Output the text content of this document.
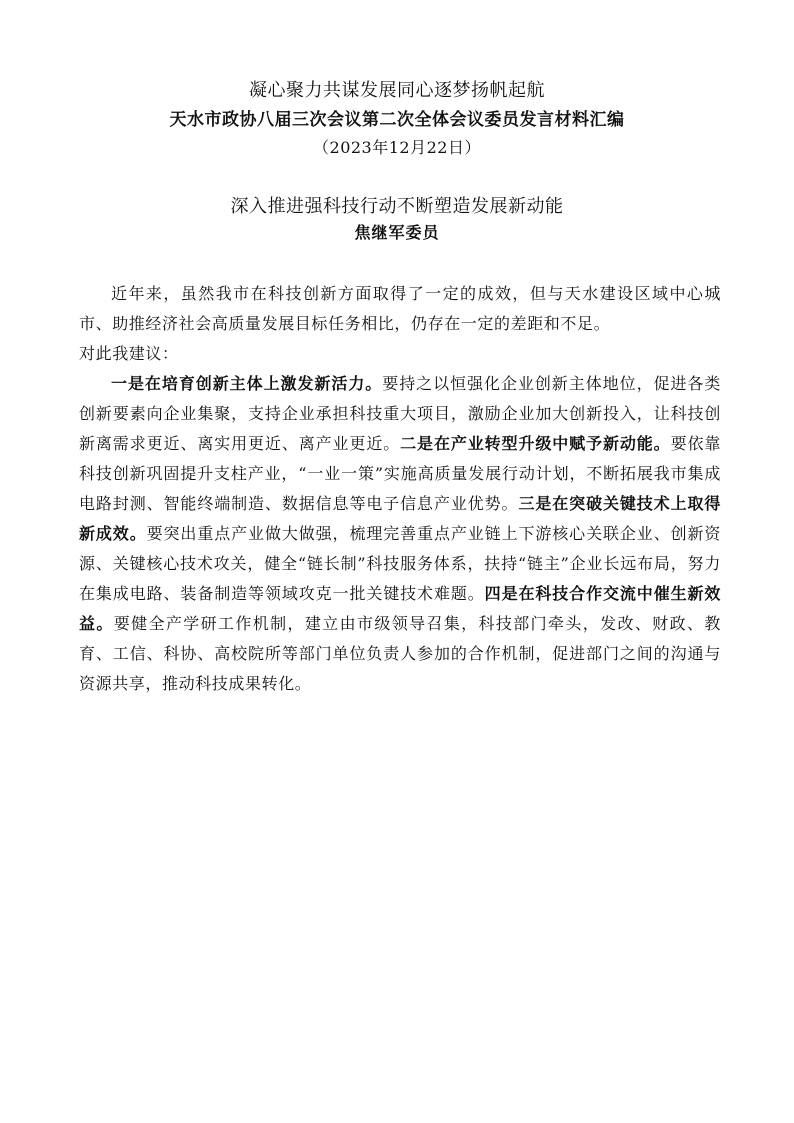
凝心聚力共谋发展同心逐梦扬帆起航
天水市政协八届三次会议第二次全体会议委员发言材料汇编
（2023年12月22日）
深入推进强科技行动不断塑造发展新动能
焦继军委员

近年来，虽然我市在科技创新方面取得了一定的成效，但与天水建设区域中心城市、助推经济社会高质量发展目标任务相比，仍存在一定的差距和不足。

对此我建议：

一是在培育创新主体上激发新活力。要持之以恒强化企业创新主体地位，促进各类创新要素向企业集聚，支持企业承担科技重大项目，激励企业加大创新投入，让科技创新离需求更近、离实用更近、离产业更近。二是在产业转型升级中赋予新动能。要依靠科技创新巩固提升支柱产业，“一业一策”实施高质量发展行动计划，不断拓展我市集成电路封测、智能终端制造、数据信息等电子信息产业优势。三是在突破关键技术上取得新成效。要突出重点产业做大做强，梳理完善重点产业链上下游核心关联企业、创新资源、关键核心技术攻关，健全“链长制”科技服务体系，扶持“链主”企业长远布局，努力在集成电路、装备制造等领域攻克一批关键技术难题。四是在科技合作交流中催生新效益。要健全产学研工作机制，建立由市级领导召集，科技部门牵头，发改、财政、教育、工信、科协、高校院所等部门单位负责人参加的合作机制，促进部门之间的沟通与资源共享，推动科技成果转化。
